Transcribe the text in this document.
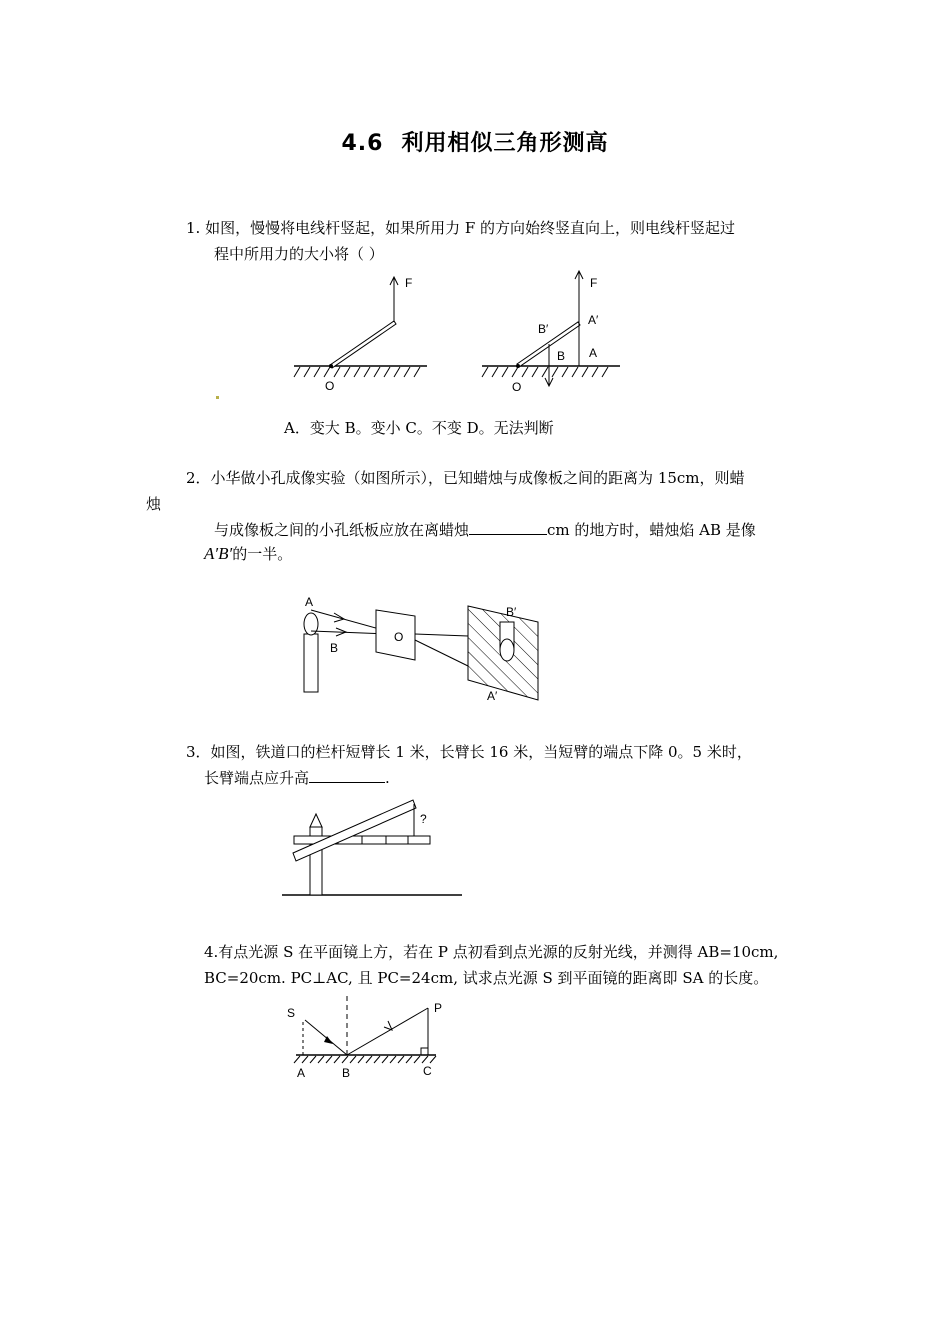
4.6 利用相似三角形测高
1. 如图，慢慢将电线杆竖起，如果所用力 F 的方向始终竖直向上，则电线杆竖起过
程中所用力的大小将（ ）
F
O
F
B′
A′
B A
O
A．变大 B。变小 C。不变 D。无法判断
2．小华做小孔成像实验（如图所示），已知蜡烛与成像板之间的距离为 15cm，则蜡
烛
与成像板之间的小孔纸板应放在离蜡烛	cm 的地方时，蜡烛焰 AB 是像
A′B′的一半。
A
B
O
B′
A′
3．如图，铁道口的栏杆短臂长 1 米，长臂长 16 米，当短臂的端点下降 0。5 米时，
长臂端点应升高	.
?
4.有点光源 S 在平面镜上方，若在 P 点初看到点光源的反射光线，并测得 AB=10cm,
BC=20cm. PC⊥AC, 且 PC=24cm, 试求点光源 S 到平面镜的距离即 SA 的长度。
S	P
A	B	C
